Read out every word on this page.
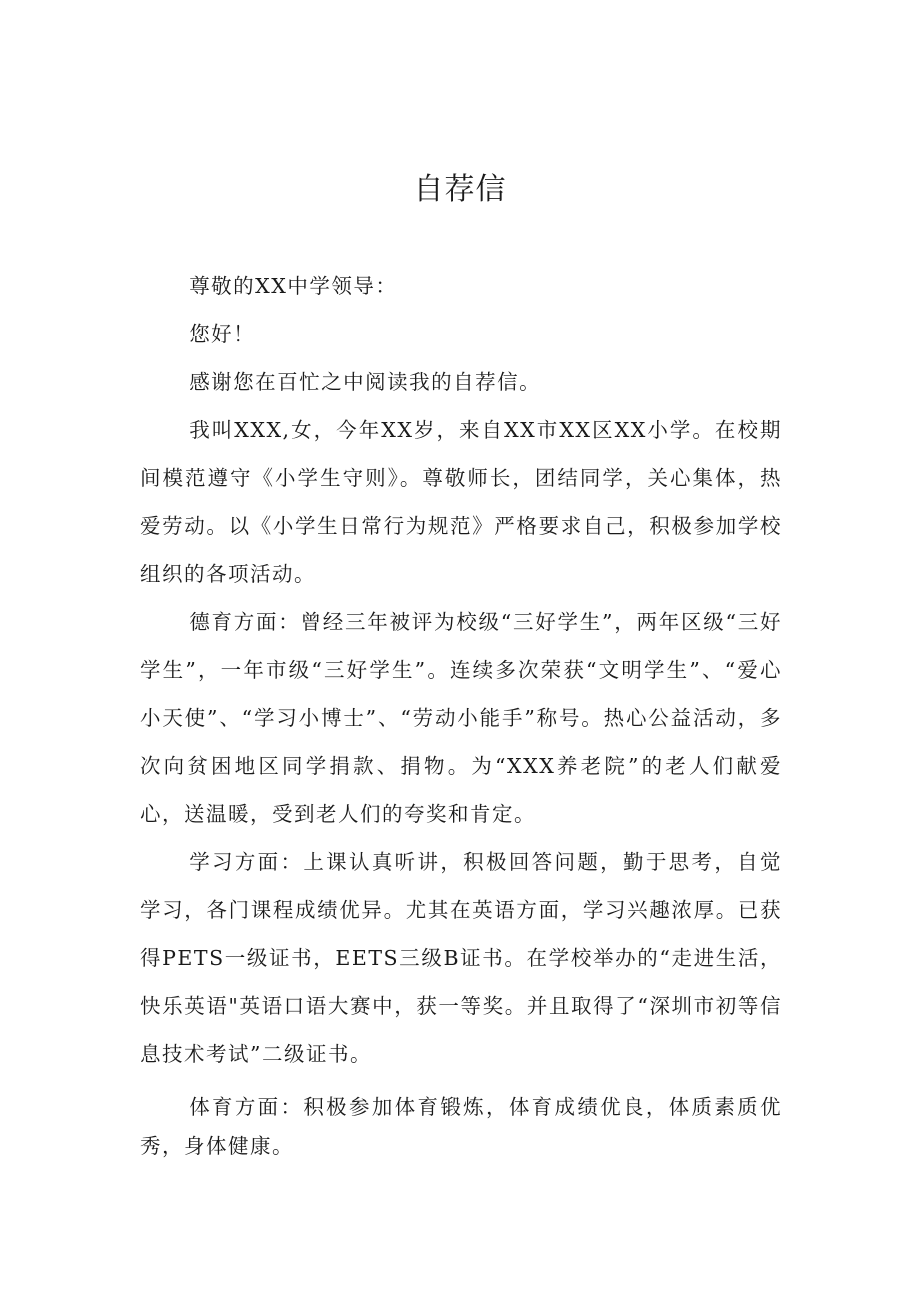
自荐信

尊敬的XX中学领导：

您好！

感谢您在百忙之中阅读我的自荐信。

我叫XXX,女，今年XX岁，来自XX市XX区XX小学。在校期间模范遵守《小学生守则》。尊敬师长，团结同学，关心集体，热爱劳动。以《小学生日常行为规范》严格要求自己，积极参加学校组织的各项活动。

德育方面：曾经三年被评为校级“三好学生”，两年区级“三好学生”，一年市级“三好学生”。连续多次荣获“文明学生”、“爱心小天使”、“学习小博士”、“劳动小能手”称号。热心公益活动，多次向贫困地区同学捐款、捐物。为“XXX养老院”的老人们献爱心，送温暖，受到老人们的夸奖和肯定。

学习方面：上课认真听讲，积极回答问题，勤于思考，自觉学习，各门课程成绩优异。尤其在英语方面，学习兴趣浓厚。已获得PETS一级证书，EETS三级B证书。在学校举办的“走进生活，快乐英语"英语口语大赛中，获一等奖。并且取得了“深圳市初等信息技术考试”二级证书。

体育方面：积极参加体育锻炼，体育成绩优良，体质素质优秀，身体健康。
